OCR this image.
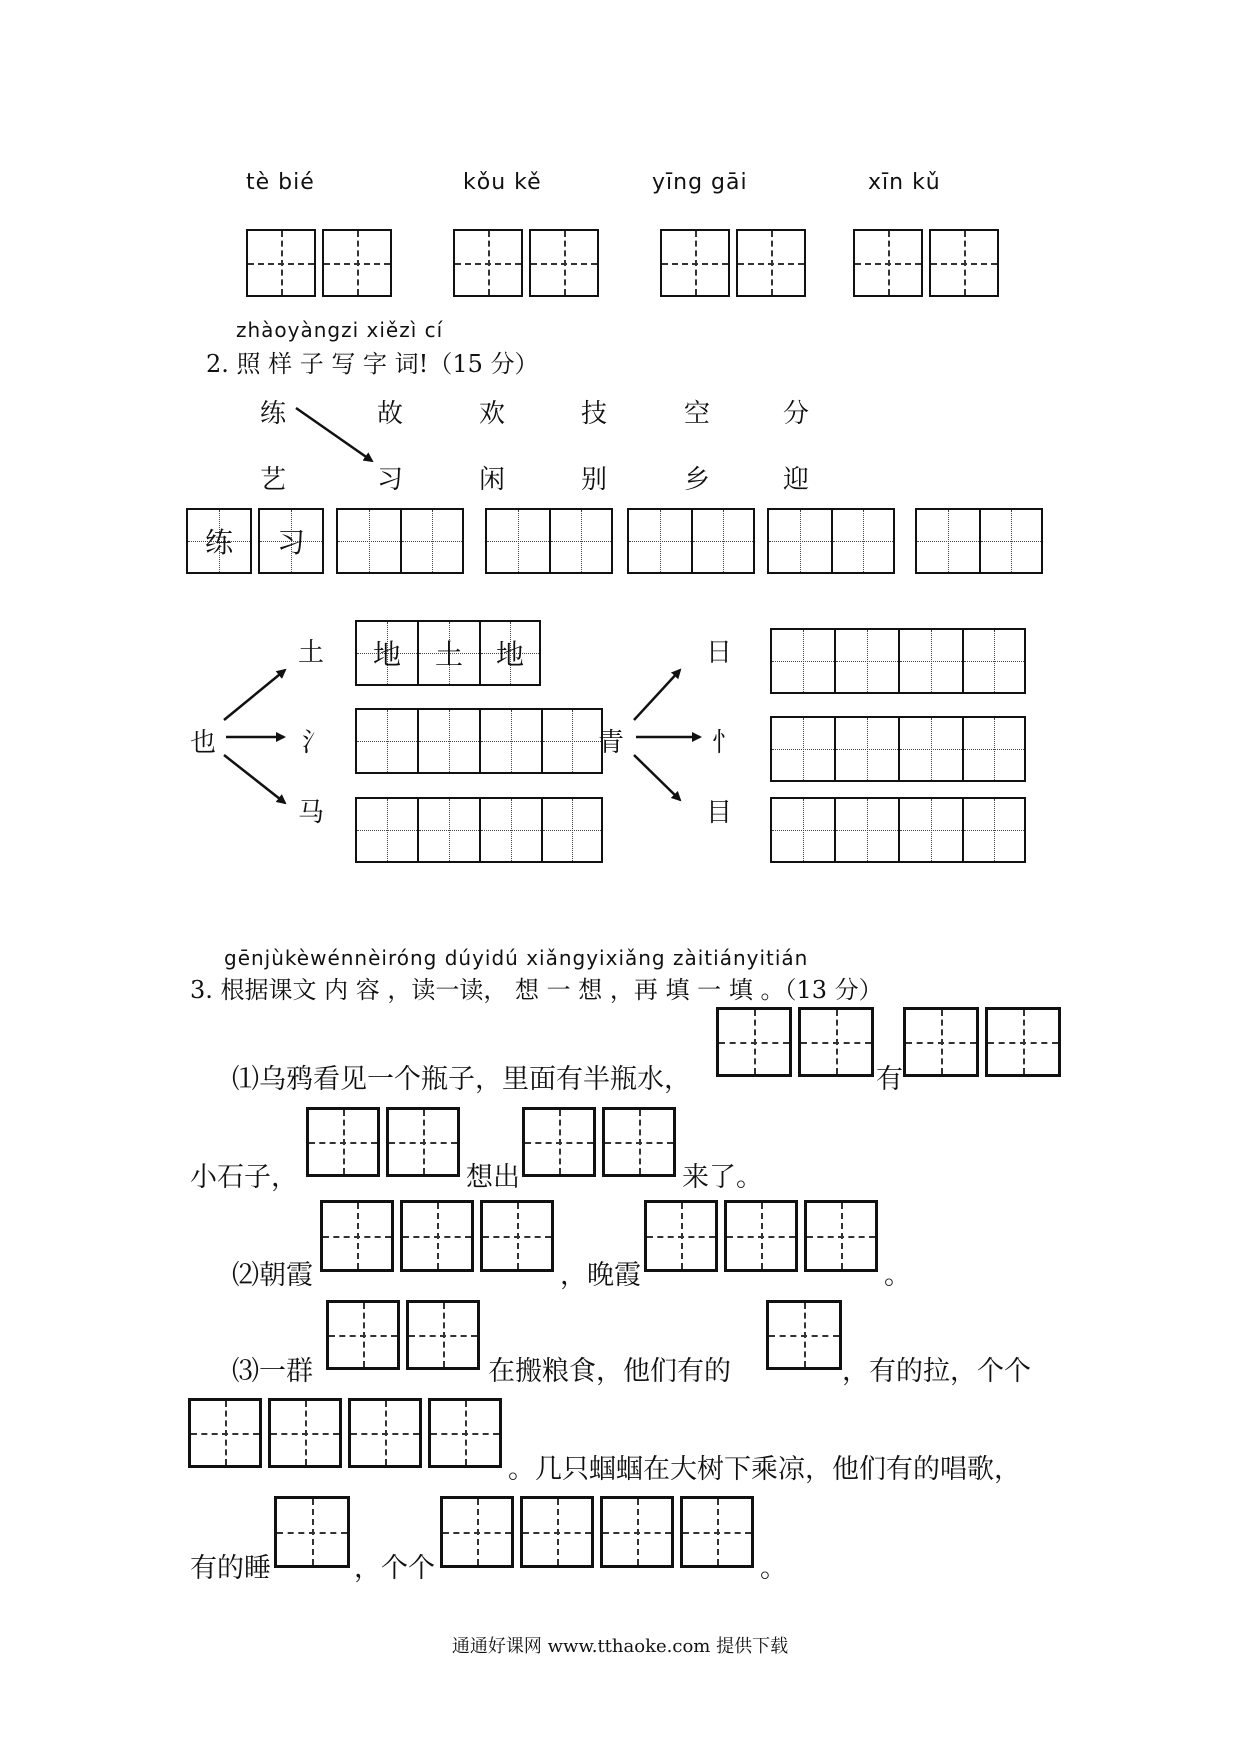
tè bié	kǒu kě	yīng gāi	xīn kǔ
zhàoyàngzi xiězì cí
2. 照 样 子 写 字 词!（15 分）
练	故	欢	技	空	分
艺	习	闲	别	乡	迎
练 习
也
土
氵
马
地 土 地
青
日
忄
目
gēnjùkèwénnèiróng dúyidú xiǎngyixiǎng zàitiányitián
3. 根据课文 内 容 ，读一读， 想 一 想 ，再 填 一 填 。（13 分）
⑴乌鸦看见一个瓶子，里面有半瓶水，	有
小石子，	想出	来了。
⑵朝霞	，晚霞	。
⑶一群	在搬粮食，他们有的	，有的拉，个个
。几只蝈蝈在大树下乘凉，他们有的唱歌，
有的睡	，个个	。
通通好课网 www.tthaoke.com 提供下载
